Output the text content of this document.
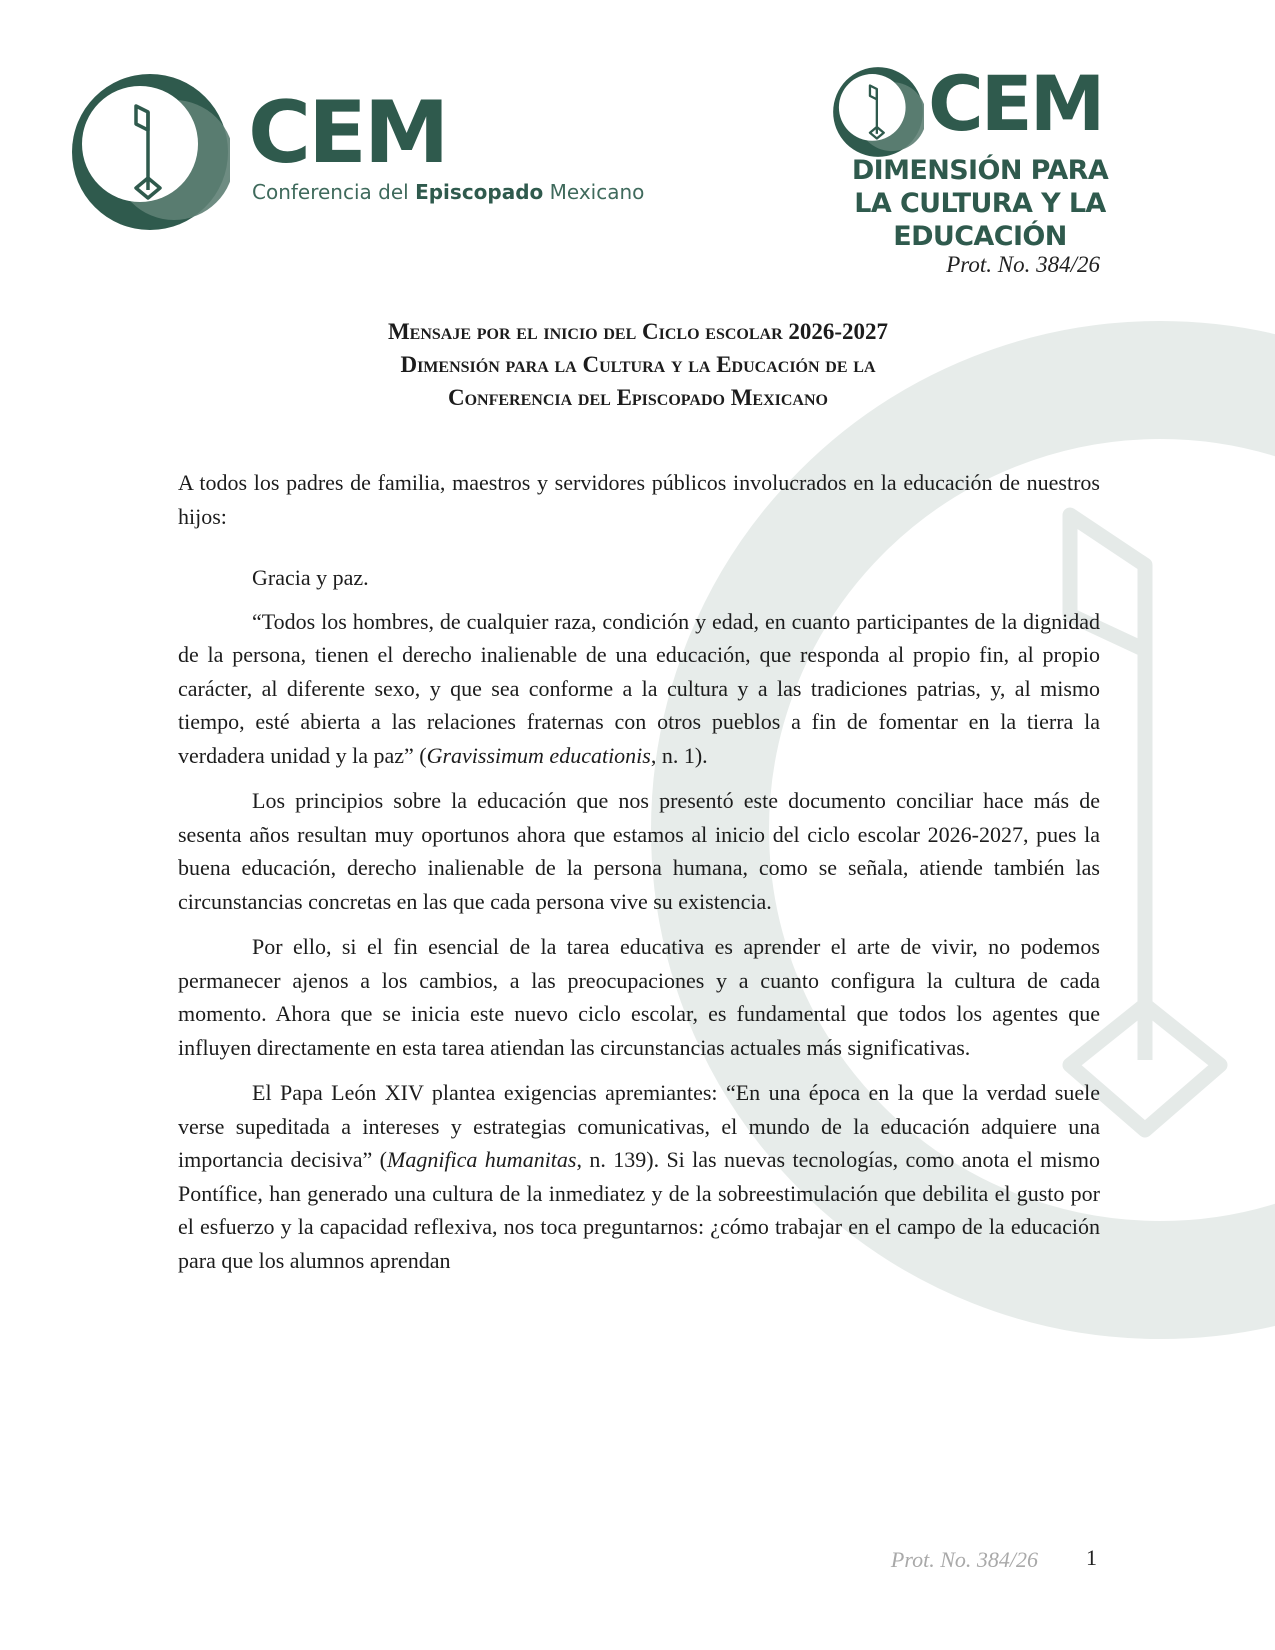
CEM
Conferencia del Episcopado Mexicano
CEM
DIMENSIÓN PARA
LA CULTURA Y LA EDUCACIÓN
Prot. No. 384/26
Mensaje por el inicio del Ciclo escolar 2026-2027
Dimensión para la Cultura y la Educación de la
Conferencia del Episcopado Mexicano

A todos los padres de familia, maestros y servidores públicos involucrados en la educación de nuestros hijos:

Gracia y paz.

“Todos los hombres, de cualquier raza, condición y edad, en cuanto participantes de la dignidad de la persona, tienen el derecho inalienable de una educación, que responda al propio fin, al propio carácter, al diferente sexo, y que sea conforme a la cultura y a las tradiciones patrias, y, al mismo tiempo, esté abierta a las relaciones fraternas con otros pueblos a fin de fomentar en la tierra la verdadera unidad y la paz” (Gravissimum educationis, n. 1).

Los principios sobre la educación que nos presentó este documento conciliar hace más de sesenta años resultan muy oportunos ahora que estamos al inicio del ciclo escolar 2026-2027, pues la buena educación, derecho inalienable de la persona humana, como se señala, atiende también las circunstancias concretas en las que cada persona vive su existencia.

Por ello, si el fin esencial de la tarea educativa es aprender el arte de vivir, no podemos permanecer ajenos a los cambios, a las preocupaciones y a cuanto configura la cultura de cada momento. Ahora que se inicia este nuevo ciclo escolar, es fundamental que todos los agentes que influyen directamente en esta tarea atiendan las circunstancias actuales más significativas.

El Papa León XIV plantea exigencias apremiantes: “En una época en la que la verdad suele verse supeditada a intereses y estrategias comunicativas, el mundo de la educación adquiere una importancia decisiva” (Magnifica humanitas, n. 139). Si las nuevas tecnologías, como anota el mismo Pontífice, han generado una cultura de la inmediatez y de la sobreestimulación que debilita el gusto por el esfuerzo y la capacidad reflexiva, nos toca preguntarnos: ¿cómo trabajar en el campo de la educación para que los alumnos aprendan

Prot. No. 384/26 1
